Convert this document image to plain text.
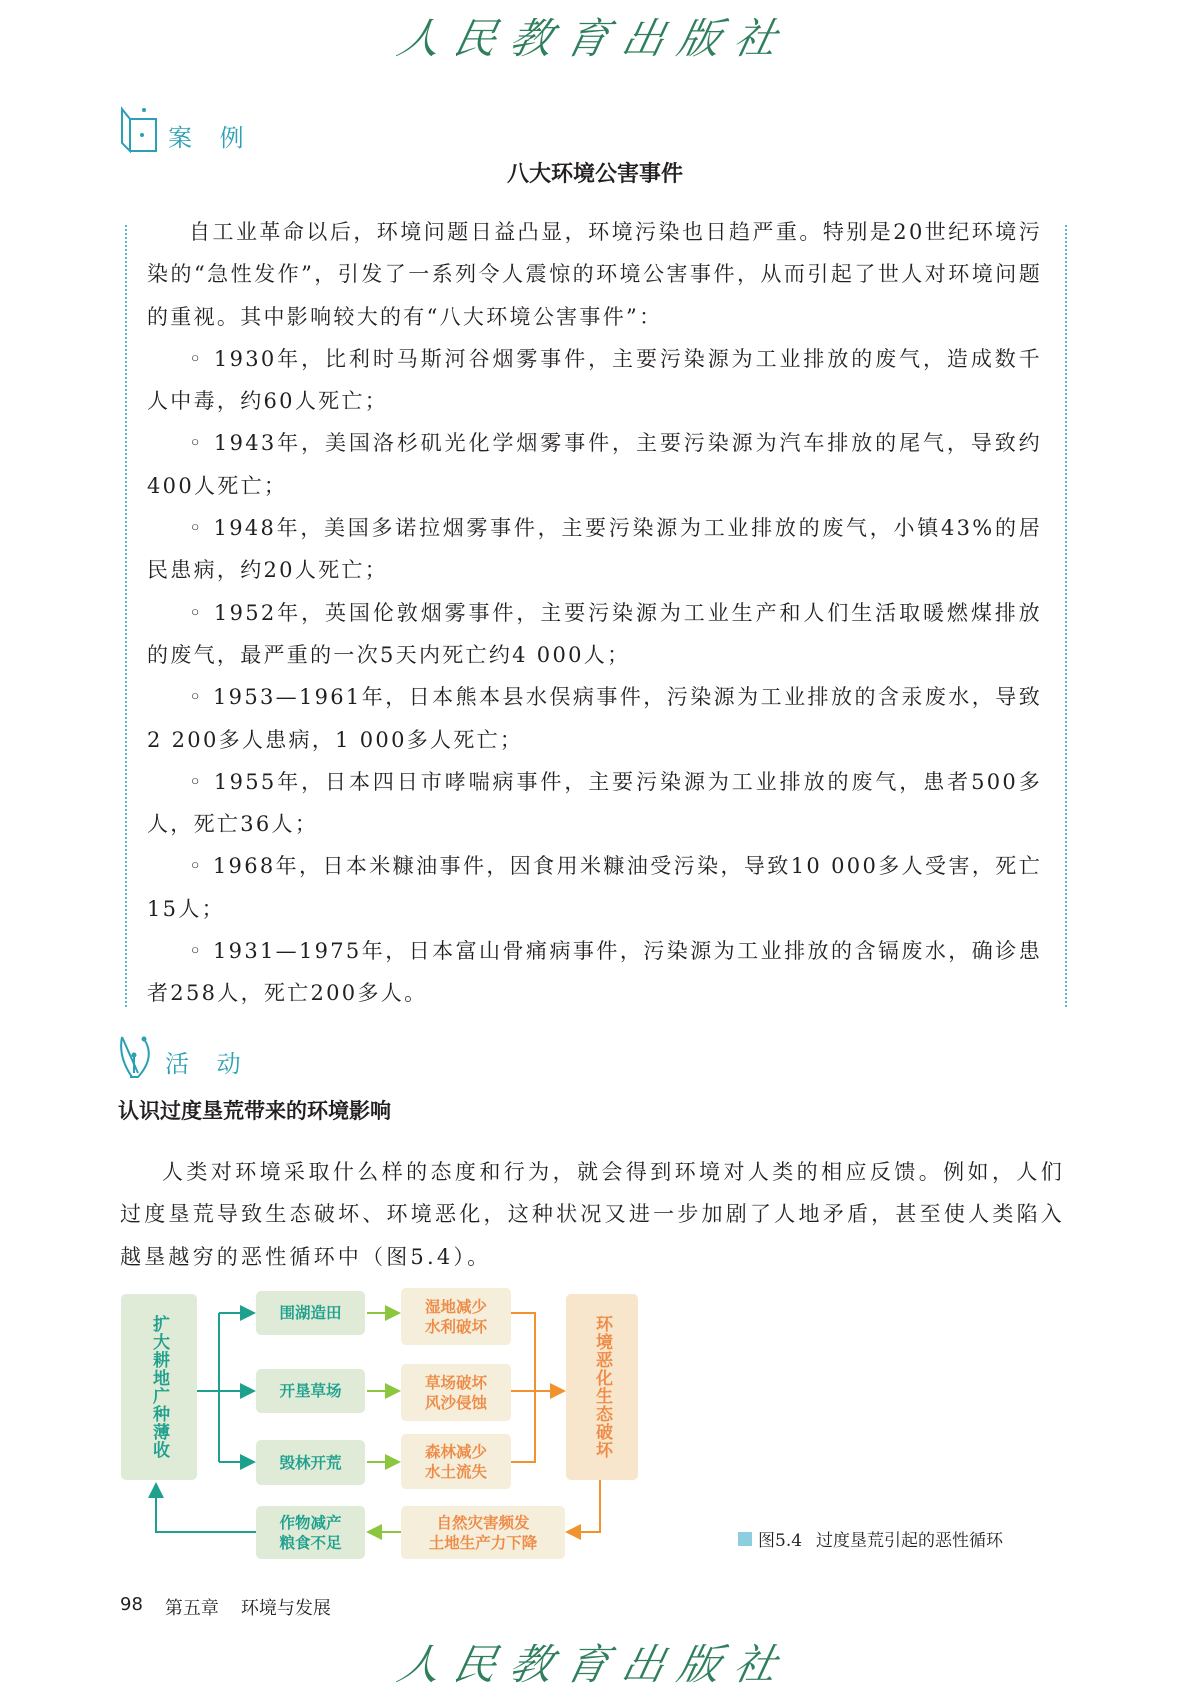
人民教育出版社
案 例
八大环境公害事件

自工业革命以后，环境问题日益凸显，环境污染也日趋严重。特别是20世纪环境污染的“急性发作”，引发了一系列令人震惊的环境公害事件，从而引起了世人对环境问题的重视。其中影响较大的有“八大环境公害事件”：

◦ 1930年，比利时马斯河谷烟雾事件，主要污染源为工业排放的废气，造成数千人中毒，约60人死亡；

◦ 1943年，美国洛杉矶光化学烟雾事件，主要污染源为汽车排放的尾气，导致约400人死亡；

◦ 1948年，美国多诺拉烟雾事件，主要污染源为工业排放的废气，小镇43%的居民患病，约20人死亡；

◦ 1952年，英国伦敦烟雾事件，主要污染源为工业生产和人们生活取暖燃煤排放的废气，最严重的一次5天内死亡约4 000人；

◦ 1953—1961年，日本熊本县水俣病事件，污染源为工业排放的含汞废水，导致2 200多人患病，1 000多人死亡；

◦ 1955年，日本四日市哮喘病事件，主要污染源为工业排放的废气，患者500多人，死亡36人；

◦ 1968年，日本米糠油事件，因食用米糠油受污染，导致10 000多人受害，死亡15人；

◦ 1931—1975年，日本富山骨痛病事件，污染源为工业排放的含镉废水，确诊患者258人，死亡200多人。

活 动
认识过度垦荒带来的环境影响

人类对环境采取什么样的态度和行为，就会得到环境对人类的相应反馈。例如，人们过度垦荒导致生态破坏、环境恶化，这种状况又进一步加剧了人地矛盾，甚至使人类陷入越垦越穷的恶性循环中（图5.4）。

扩大耕地广种薄收
围湖造田
开垦草场
毁林开荒
湿地减少
水利破坏
草场破坏
风沙侵蚀
森林减少
水土流失
环境恶化生态破坏
自然灾害频发
土地生产力下降
作物减产
粮食不足	图5.4 过度垦荒引起的恶性循环
98 第五章 环境与发展
人民教育出版社
